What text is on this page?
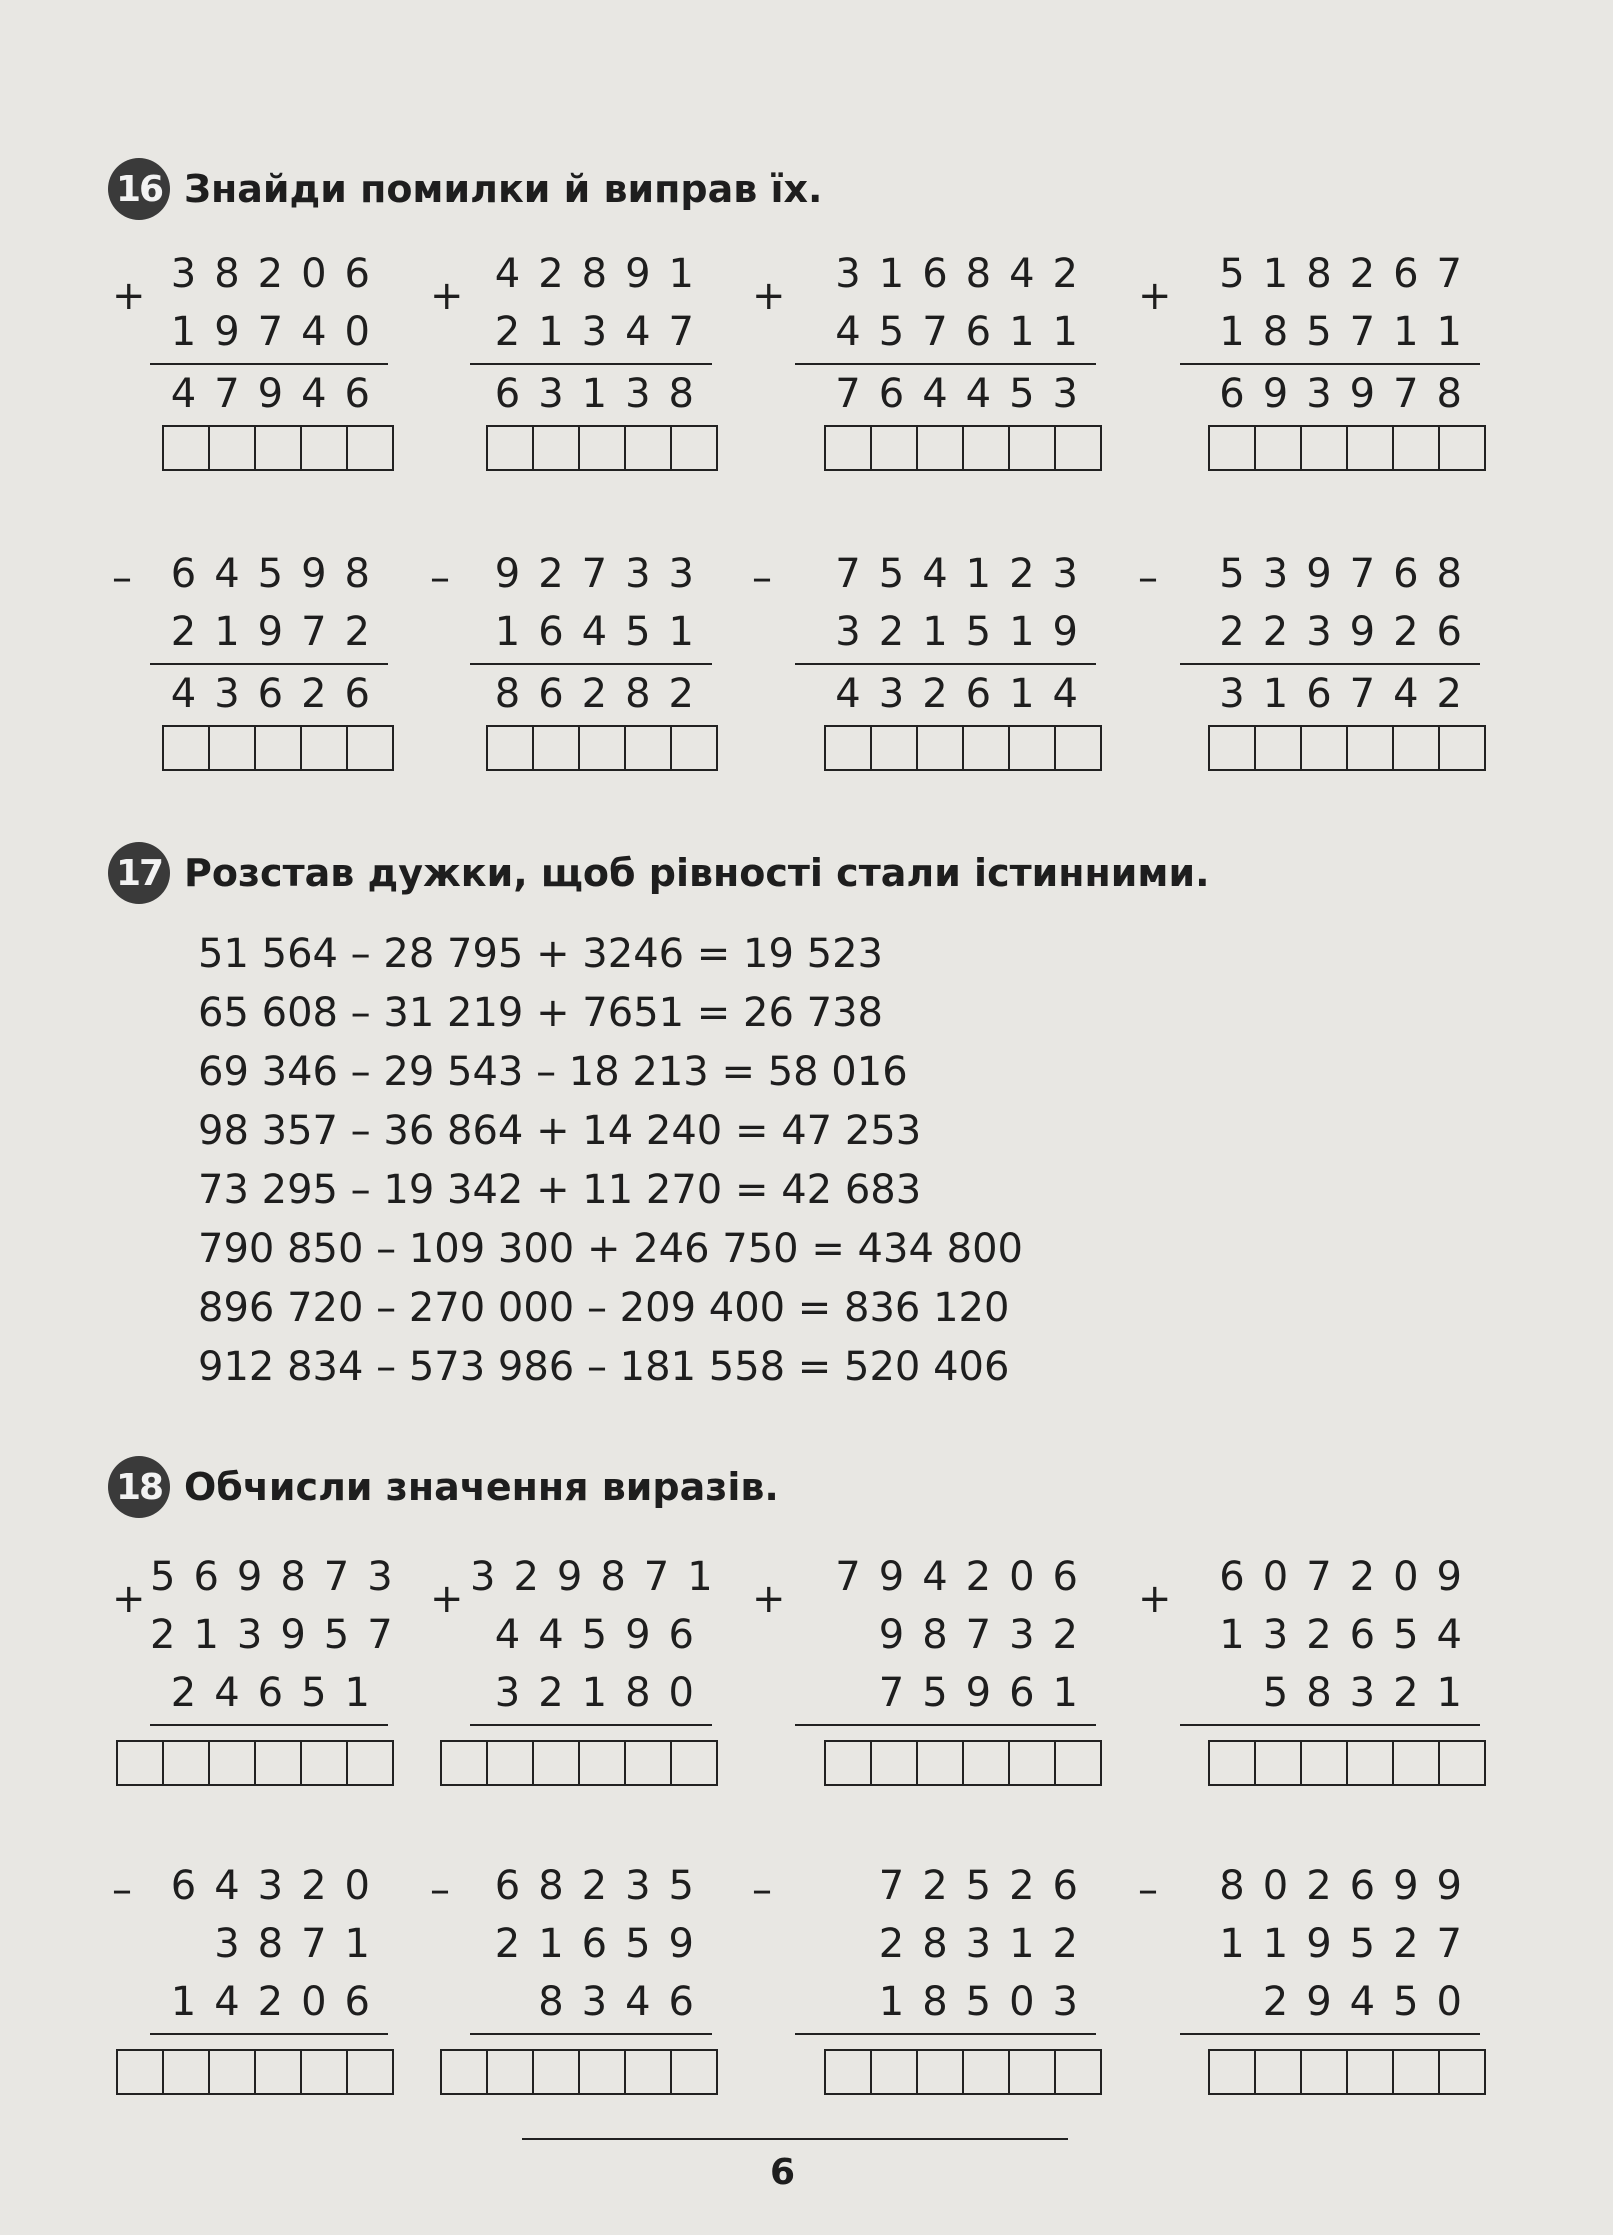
16 Знайди помилки й виправ їх.
+ 38206
19740
47946
+ 42891
21347
63138
+	316842
457611
764453
+	518267
185711
693978
– 64598
21972
43626
–	92733
16451
86282
–	754123
321519
432614
–	539768
223926
316742
17 Розстав дужки, щоб рівності стали істинними.
51 564 – 28 795 + 3246 = 19 523
65 608 – 31 219 + 7651 = 26 738
69 346 – 29 543 – 18 213 = 58 016
98 357 – 36 864 + 14 240 = 47 253
73 295 – 19 342 + 11 270 = 42 683
790 850 – 109 300 + 246 750 = 434 800
896 720 – 270 000 – 209 400 = 836 120
912 834 – 573 986 – 181 558 = 520 406
18 Обчисли значення виразів.
+ 569873
213957
24651
+ 329871
44596
32180
+	794206
98732
75961
+	607209
132654
58321
– 64320
3871
14206
–	68235
21659
8346
–	72526
28312
18503
–	802699
119527
29450
6
